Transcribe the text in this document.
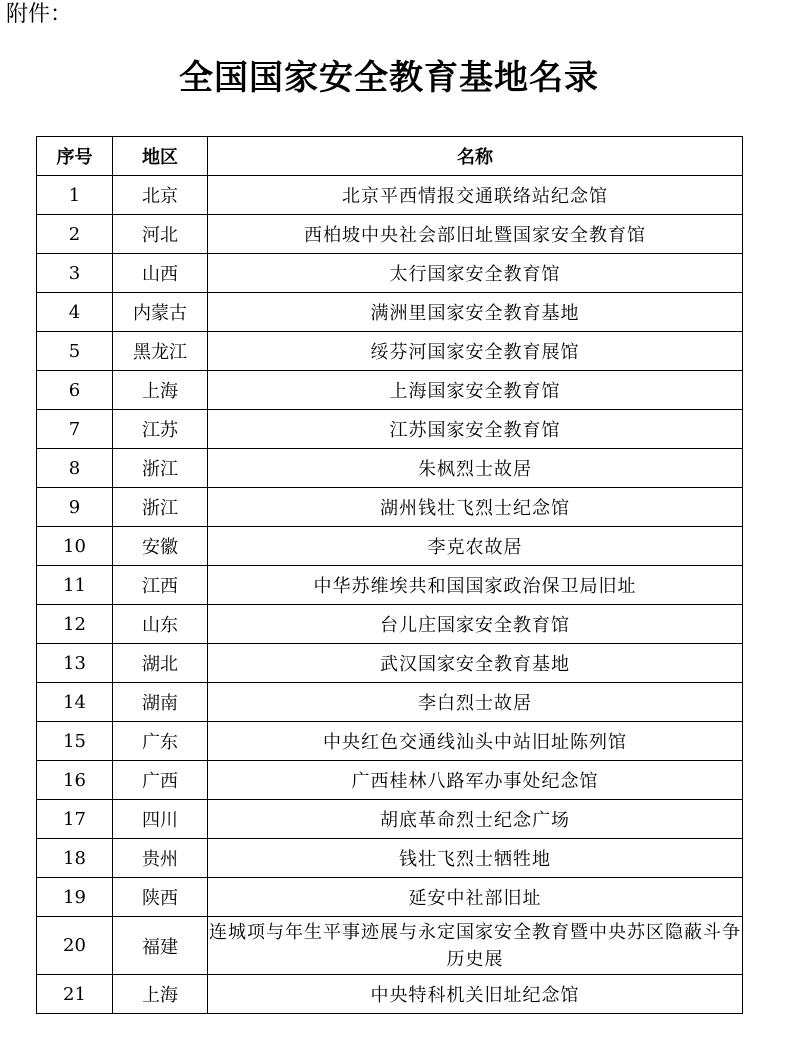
附件：
全国国家安全教育基地名录
序号	地区	名称
1	北京	北京平西情报交通联络站纪念馆
2	河北	西柏坡中央社会部旧址暨国家安全教育馆
3	山西	太行国家安全教育馆
4	内蒙古	满洲里国家安全教育基地
5	黑龙江	绥芬河国家安全教育展馆
6	上海	上海国家安全教育馆
7	江苏	江苏国家安全教育馆
8	浙江	朱枫烈士故居
9	浙江	湖州钱壮飞烈士纪念馆
10	安徽	李克农故居
11	江西	中华苏维埃共和国国家政治保卫局旧址
12	山东	台儿庄国家安全教育馆
13	湖北	武汉国家安全教育基地
14	湖南	李白烈士故居
15	广东	中央红色交通线汕头中站旧址陈列馆
16	广西	广西桂林八路军办事处纪念馆
17	四川	胡底革命烈士纪念广场
18	贵州	钱壮飞烈士牺牲地
19	陕西	延安中社部旧址
20	福建	连城项与年生平事迹展与永定国家安全教育暨中央苏区隐蔽斗争历史展
21	上海	中央特科机关旧址纪念馆
